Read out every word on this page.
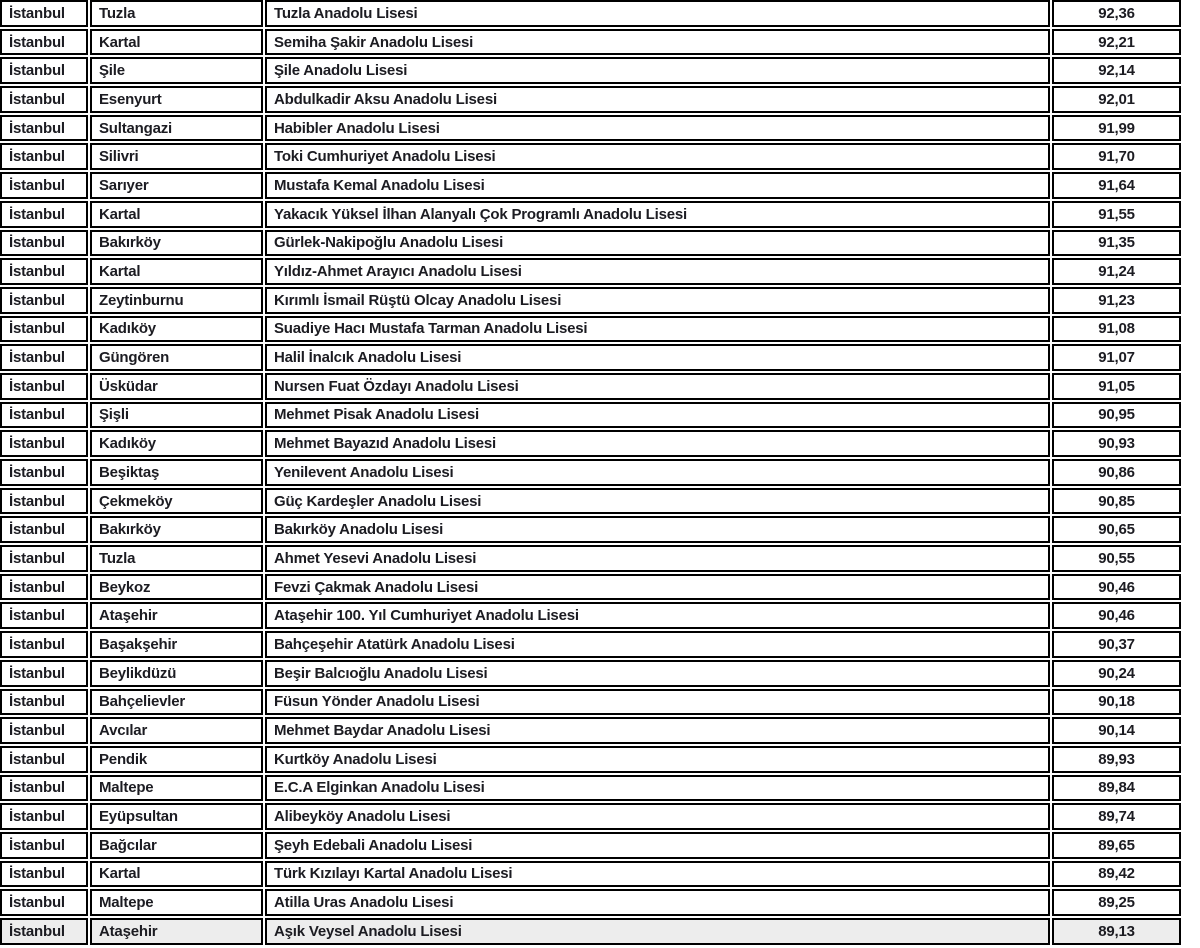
İstanbul	Tuzla	Tuzla Anadolu Lisesi	92,36
İstanbul	Kartal	Semiha Şakir Anadolu Lisesi	92,21
İstanbul	Şile	Şile Anadolu Lisesi	92,14
İstanbul	Esenyurt	Abdulkadir Aksu Anadolu Lisesi	92,01
İstanbul	Sultangazi	Habibler Anadolu Lisesi	91,99
İstanbul	Silivri	Toki Cumhuriyet Anadolu Lisesi	91,70
İstanbul	Sarıyer	Mustafa Kemal Anadolu Lisesi	91,64
İstanbul	Kartal	Yakacık Yüksel İlhan Alanyalı Çok Programlı Anadolu Lisesi	91,55
İstanbul	Bakırköy	Gürlek-Nakipoğlu Anadolu Lisesi	91,35
İstanbul	Kartal	Yıldız-Ahmet Arayıcı Anadolu Lisesi	91,24
İstanbul	Zeytinburnu	Kırımlı İsmail Rüştü Olcay Anadolu Lisesi	91,23
İstanbul	Kadıköy	Suadiye Hacı Mustafa Tarman Anadolu Lisesi	91,08
İstanbul	Güngören	Halil İnalcık Anadolu Lisesi	91,07
İstanbul	Üsküdar	Nursen Fuat Özdayı Anadolu Lisesi	91,05
İstanbul	Şişli	Mehmet Pisak Anadolu Lisesi	90,95
İstanbul	Kadıköy	Mehmet Bayazıd Anadolu Lisesi	90,93
İstanbul	Beşiktaş	Yenilevent Anadolu Lisesi	90,86
İstanbul	Çekmeköy	Güç Kardeşler Anadolu Lisesi	90,85
İstanbul	Bakırköy	Bakırköy Anadolu Lisesi	90,65
İstanbul	Tuzla	Ahmet Yesevi Anadolu Lisesi	90,55
İstanbul	Beykoz	Fevzi Çakmak Anadolu Lisesi	90,46
İstanbul	Ataşehir	Ataşehir 100. Yıl Cumhuriyet Anadolu Lisesi	90,46
İstanbul	Başakşehir	Bahçeşehir Atatürk Anadolu Lisesi	90,37
İstanbul	Beylikdüzü	Beşir Balcıoğlu Anadolu Lisesi	90,24
İstanbul	Bahçelievler	Füsun Yönder Anadolu Lisesi	90,18
İstanbul	Avcılar	Mehmet Baydar Anadolu Lisesi	90,14
İstanbul	Pendik	Kurtköy Anadolu Lisesi	89,93
İstanbul	Maltepe	E.C.A Elginkan Anadolu Lisesi	89,84
İstanbul	Eyüpsultan	Alibeyköy Anadolu Lisesi	89,74
İstanbul	Bağcılar	Şeyh Edebali Anadolu Lisesi	89,65
İstanbul	Kartal	Türk Kızılayı Kartal Anadolu Lisesi	89,42
İstanbul	Maltepe	Atilla Uras Anadolu Lisesi	89,25
İstanbul	Ataşehir	Aşık Veysel Anadolu Lisesi	89,13
